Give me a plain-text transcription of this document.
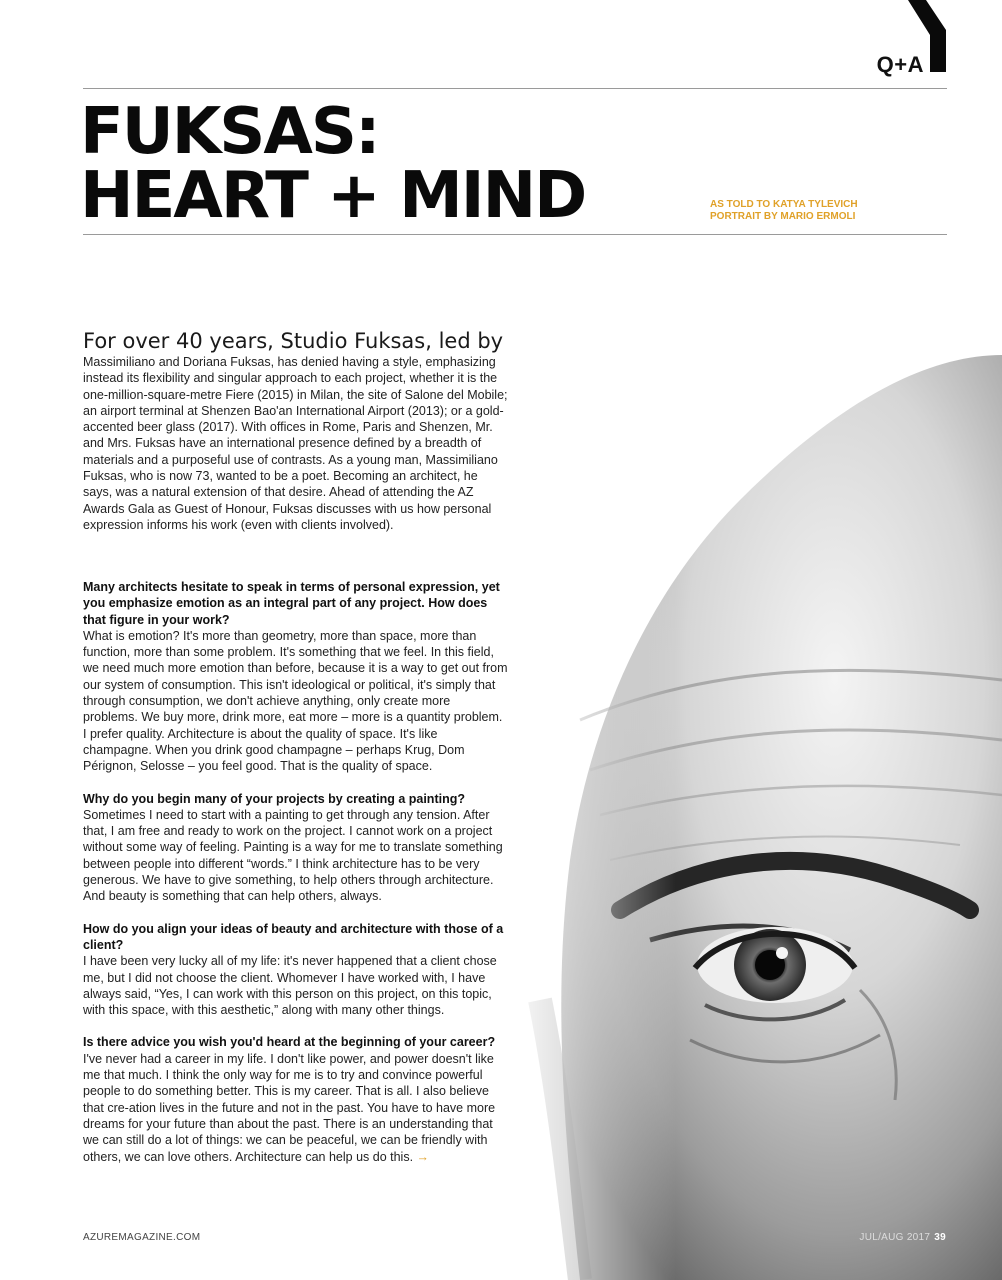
Q+A
FUKSAS:
HEART + MIND	AS TOLD TO KATYA TYLEVICH
PORTRAIT BY MARIO ERMOLI
For over 40 years, Studio Fuksas, led by

Massimiliano and Doriana Fuksas, has denied having a style, emphasizing instead its flexibility and singular approach to each project, whether it is the one-million-square-metre Fiere (2015) in Milan, the site of Salone del Mobile; an airport terminal at Shenzen Bao'an International Airport (2013); or a gold-accented beer glass (2017). With offices in Rome, Paris and Shenzen, Mr. and Mrs. Fuksas have an international presence defined by a breadth of materials and a purposeful use of contrasts. As a young man, Massimiliano Fuksas, who is now 73, wanted to be a poet. Becoming an architect, he says, was a natural extension of that desire. Ahead of attending the AZ Awards Gala as Guest of Honour, Fuksas discusses with us how personal expression informs his work (even with clients involved).

Many architects hesitate to speak in terms of personal expression, yet you emphasize emotion as an integral part of any project. How does that figure in your work?

What is emotion? It's more than geometry, more than space, more than function, more than some problem. It's something that we feel. In this field, we need much more emotion than before, because it is a way to get out from our system of consumption. This isn't ideological or political, it's simply that through consumption, we don't achieve anything, only create more problems. We buy more, drink more, eat more – more is a quantity problem. I prefer quality. Architecture is about the quality of space. It's like champagne. When you drink good champagne – perhaps Krug, Dom Pérignon, Selosse – you feel good. That is the quality of space.

Why do you begin many of your projects by creating a painting?

Sometimes I need to start with a painting to get through any tension. After that, I am free and ready to work on the project. I cannot work on a project without some way of feeling. Painting is a way for me to translate something between people into different “words.” I think architecture has to be very generous. We have to give something, to help others through architecture. And beauty is something that can help others, always.

How do you align your ideas of beauty and architecture with those of a client?

I have been very lucky all of my life: it's never happened that a client chose me, but I did not choose the client. Whomever I have worked with, I have always said, “Yes, I can work with this person on this project, on this topic, with this space, with this aesthetic,” along with many other things.

Is there advice you wish you'd heard at the beginning of your career?

I've never had a career in my life. I don't like power, and power doesn't like me that much. I think the only way for me is to try and convince powerful people to do something better. This is my career. That is all. I also believe that cre-ation lives in the future and not in the past. You have to have more dreams for your future than about the past. There is an understanding that we can still do a lot of things: we can be peaceful, we can be friendly with others, we can love others. Architecture can help us do this. →

AZUREMAGAZINE.COM	JUL/AUG 2017 39
